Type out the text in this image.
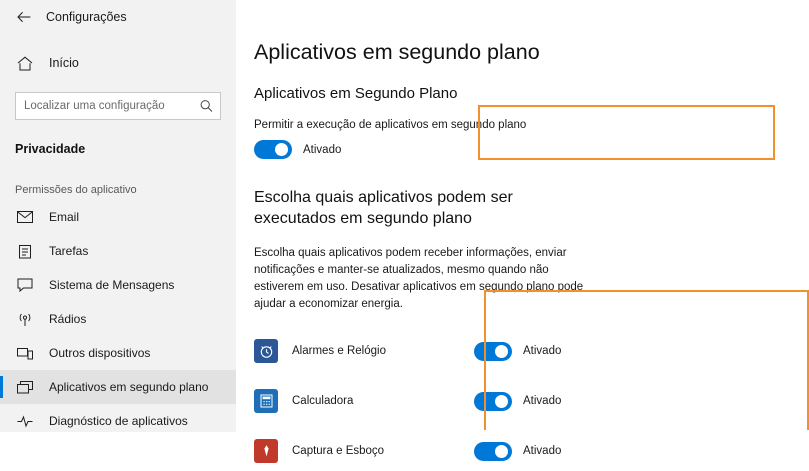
Configurações
Início
Localizar uma configuração
Privacidade
Permissões do aplicativo
Email
Tarefas
Sistema de Mensagens
Rádios
Outros dispositivos
Aplicativos em segundo plano
Diagnóstico de aplicativos
Aplicativos em segundo plano
Aplicativos em Segundo Plano
Permitir a execução de aplicativos em segundo plano
Ativado
Escolha quais aplicativos podem ser executados em segundo plano
Escolha quais aplicativos podem receber informações, enviar notificações e manter-se atualizados, mesmo quando não estiverem em uso. Desativar aplicativos em segundo plano pode ajudar a economizar energia.
Alarmes e Relógio	Ativado
Calculadora	Ativado
Captura e Esboço	Ativado
